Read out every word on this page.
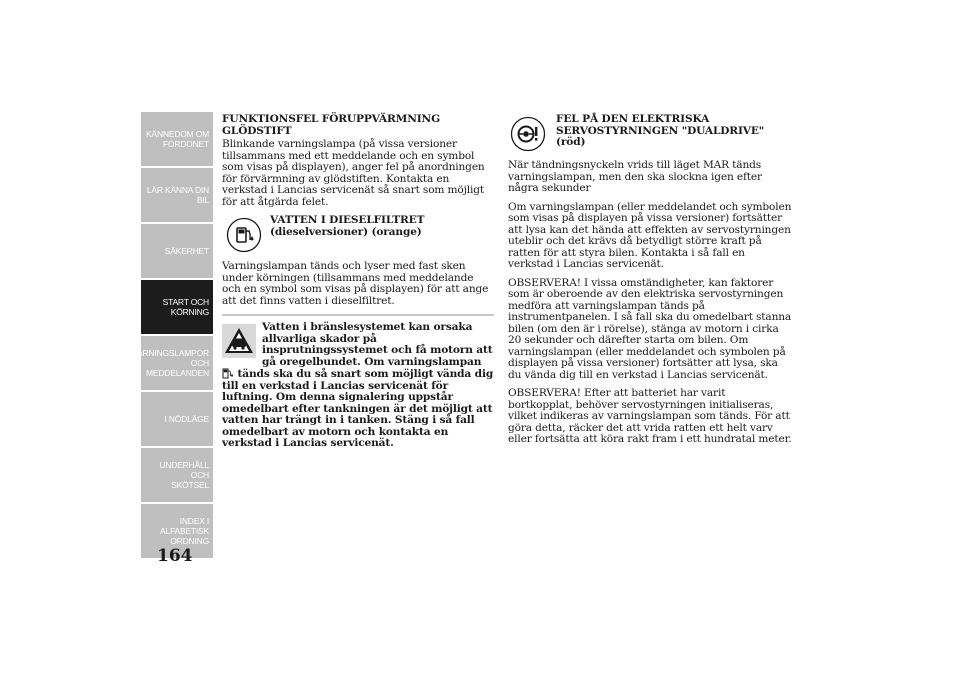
KÄNNEDOM OM
FORDONET
LÄR KÄNNA DIN
BIL
SÄKERHET
START OCH
KÖRNING
VARNINGSLAMPOR
OCH
MEDDELANDEN
I NÖDLÄGE
UNDERHÅLL OCH
SKÖTSEL
INDEX I
ALFABETISK
ORDNING
164

FUNKTIONSFEL FÖRUPPVÄRMNING GLÖDSTIFT

Blinkande varningslampa (på vissa versioner tillsammans med ett meddelande och en symbol som visas på displayen), anger fel på anordningen för förvärmning av glödstiften. Kontakta en verkstad i Lancias servicenät så snart som möjligt för att åtgärda felet.

VATTEN I DIESELFILTRET (dieselversioner) (orange)

Varningslampan tänds och lyser med fast sken under körningen (tillsammans med meddelande och en symbol som visas på displayen) för att ange att det finns vatten i dieselfiltret.

Vatten i bränslesystemet kan orsaka allvarliga skador på insprutningssystemet och få motorn att gå oregelbundet. Om varningslampan
tänds ska du så snart som möjligt vända dig till en verkstad i Lancias servicenät för luftning. Om denna signalering uppstår omedelbart efter tankningen är det möjligt att vatten har trängt in i tanken. Stäng i så fall omedelbart av motorn och kontakta en verkstad i Lancias servicenät.

FEL PÅ DEN ELEKTRISKA SERVOSTYRNINGEN "DUALDRIVE" (röd)

När tändningsnyckeln vrids till läget MAR tänds varningslampan, men den ska slockna igen efter några sekunder

Om varningslampan (eller meddelandet och symbolen som visas på displayen på vissa versioner) fortsätter att lysa kan det hända att effekten av servostyrningen uteblir och det krävs då betydligt större kraft på ratten för att styra bilen. Kontakta i så fall en verkstad i Lancias servicenät.

OBSERVERA! I vissa omständigheter, kan faktorer som är oberoende av den elektriska servostyrningen medföra att varningslampan tänds på instrumentpanelen. I så fall ska du omedelbart stanna bilen (om den är i rörelse), stänga av motorn i cirka 20 sekunder och därefter starta om bilen. Om varningslampan (eller meddelandet och symbolen på displayen på vissa versioner) fortsätter att lysa, ska du vända dig till en verkstad i Lancias servicenät.

OBSERVERA! Efter att batteriet har varit bortkopplat, behöver servostyrningen initialiseras, vilket indikeras av varningslampan som tänds. För att göra detta, räcker det att vrida ratten ett helt varv eller fortsätta att köra rakt fram i ett hundratal meter.
